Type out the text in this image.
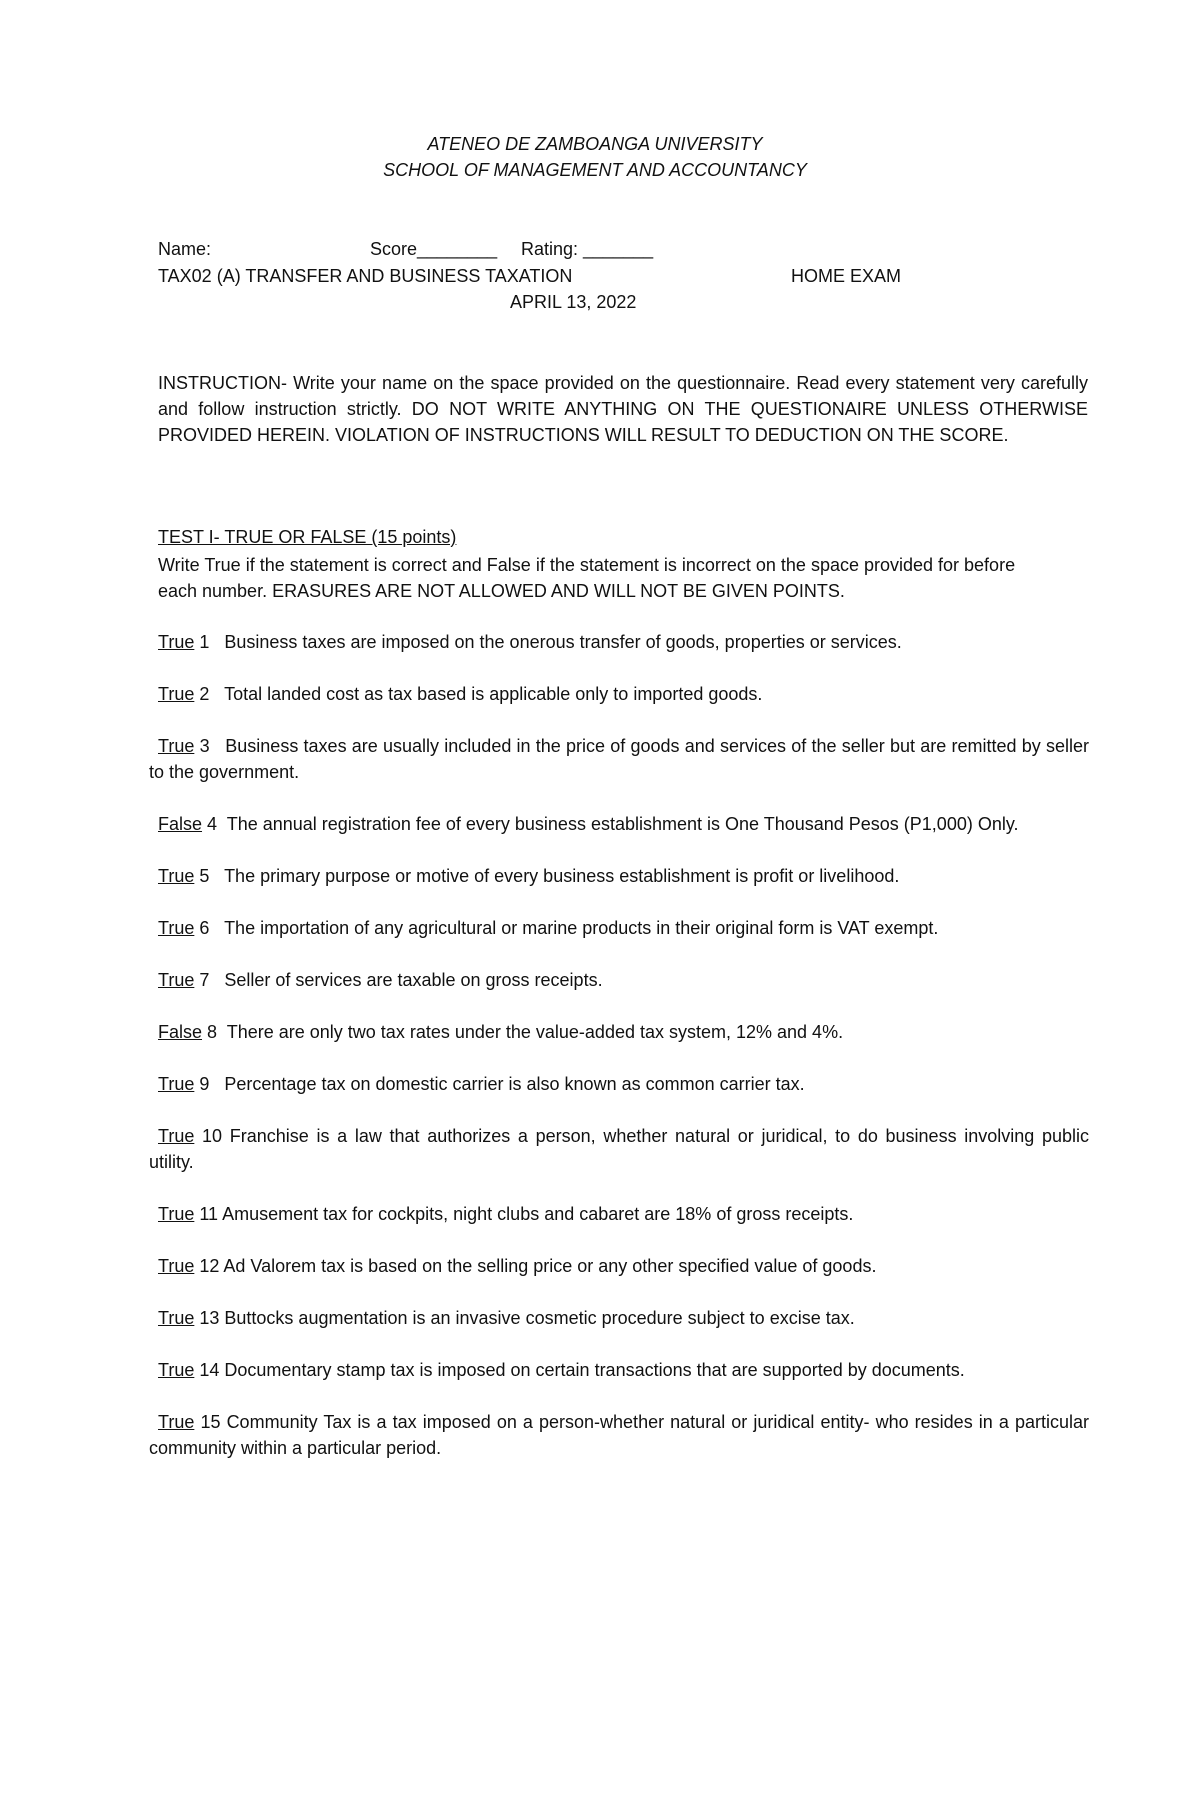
ATENEO DE ZAMBOANGA UNIVERSITY
SCHOOL OF MANAGEMENT AND ACCOUNTANCY
Name:	Score________ Rating: _______
TAX02 (A) TRANSFER AND BUSINESS TAXATION	HOME EXAM
APRIL 13, 2022
INSTRUCTION- Write your name on the space provided on the questionnaire. Read every statement very carefully and follow instruction strictly. DO NOT WRITE ANYTHING ON THE QUESTIONAIRE UNLESS OTHERWISE PROVIDED HEREIN. VIOLATION OF INSTRUCTIONS WILL RESULT TO DEDUCTION ON THE SCORE.
TEST I- TRUE OR FALSE (15 points)
Write True if the statement is correct and False if the statement is incorrect on the space provided for before each number. ERASURES ARE NOT ALLOWED AND WILL NOT BE GIVEN POINTS.
True 1 Business taxes are imposed on the onerous transfer of goods, properties or services.
True 2 Total landed cost as tax based is applicable only to imported goods.
True 3 Business taxes are usually included in the price of goods and services of the seller but are remitted by seller to the government.
False 4 The annual registration fee of every business establishment is One Thousand Pesos (P1,000) Only.
True 5 The primary purpose or motive of every business establishment is profit or livelihood.
True 6 The importation of any agricultural or marine products in their original form is VAT exempt.
True 7 Seller of services are taxable on gross receipts.
False 8 There are only two tax rates under the value-added tax system, 12% and 4%.
True 9 Percentage tax on domestic carrier is also known as common carrier tax.
True 10 Franchise is a law that authorizes a person, whether natural or juridical, to do business involving public utility.
True 11 Amusement tax for cockpits, night clubs and cabaret are 18% of gross receipts.
True 12 Ad Valorem tax is based on the selling price or any other specified value of goods.
True 13 Buttocks augmentation is an invasive cosmetic procedure subject to excise tax.
True 14 Documentary stamp tax is imposed on certain transactions that are supported by documents.
True 15 Community Tax is a tax imposed on a person-whether natural or juridical entity- who resides in a particular community within a particular period.
